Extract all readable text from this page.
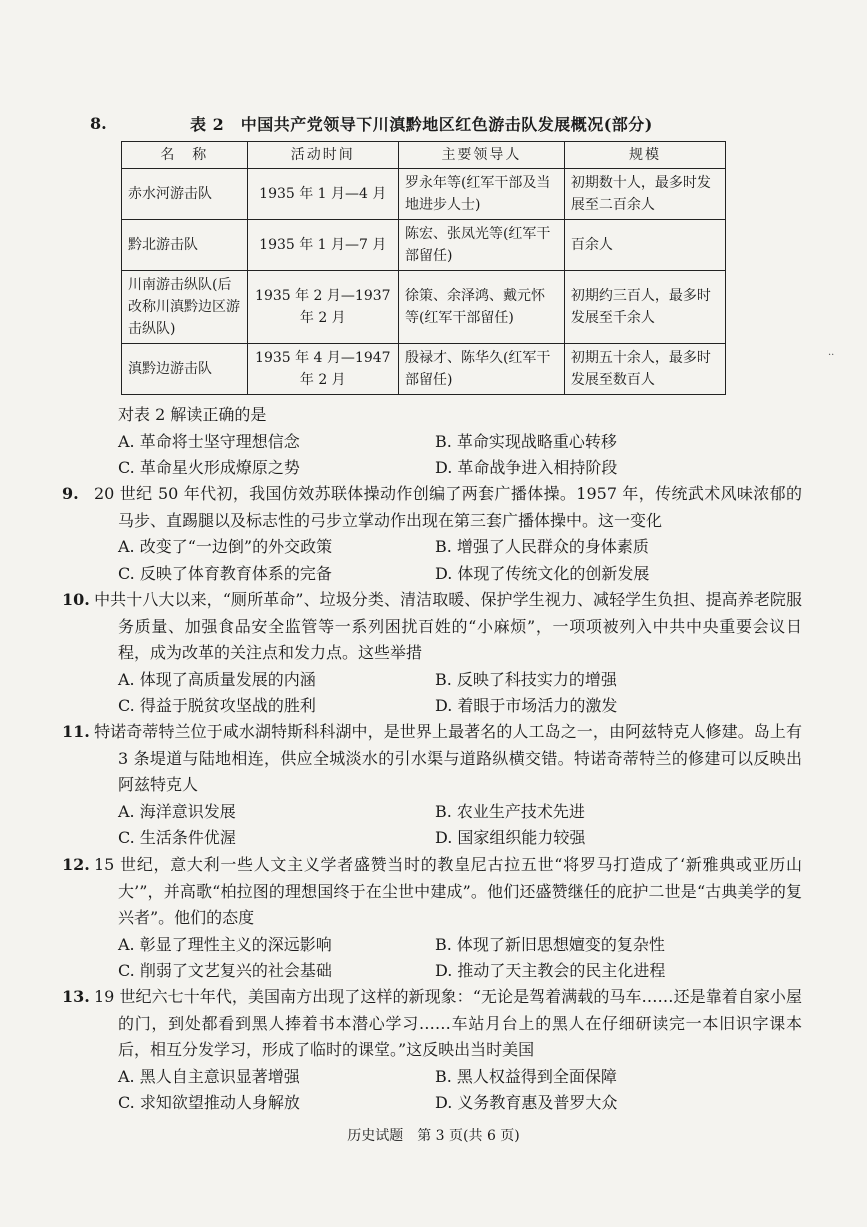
8.	表 2　中国共产党领导下川滇黔地区红色游击队发展概况(部分)
名　称	活动时间	主要领导人	规模
赤水河游击队	1935 年 1 月—4 月	罗永年等(红军干部及当地进步人士)	初期数十人，最多时发展至二百余人
黔北游击队	1935 年 1 月—7 月	陈宏、张凤光等(红军干部留任)	百余人
川南游击纵队(后改称川滇黔边区游击纵队)	1935 年 2 月—1937 年 2 月	徐策、余泽鸿、戴元怀等(红军干部留任)	初期约三百人，最多时发展至千余人
滇黔边游击队	1935 年 4 月—1947 年 2 月	殷禄才、陈华久(红军干部留任)	初期五十余人，最多时发展至数百人
对表 2 解读正确的是
A. 革命将士坚守理想信念	B. 革命实现战略重心转移
C. 革命星火形成燎原之势	D. 革命战争进入相持阶段
9. 20 世纪 50 年代初，我国仿效苏联体操动作创编了两套广播体操。1957 年，传统武术风味浓郁的马步、直踢腿以及标志性的弓步立掌动作出现在第三套广播体操中。这一变化
A. 改变了“一边倒”的外交政策	B. 增强了人民群众的身体素质
C. 反映了体育教育体系的完备	D. 体现了传统文化的创新发展
10. 中共十八大以来，“厕所革命”、垃圾分类、清洁取暖、保护学生视力、减轻学生负担、提高养老院服务质量、加强食品安全监管等一系列困扰百姓的“小麻烦”，一项项被列入中共中央重要会议日程，成为改革的关注点和发力点。这些举措
A. 体现了高质量发展的内涵	B. 反映了科技实力的增强
C. 得益于脱贫攻坚战的胜利	D. 着眼于市场活力的激发
11. 特诺奇蒂特兰位于咸水湖特斯科科湖中，是世界上最著名的人工岛之一，由阿兹特克人修建。岛上有 3 条堤道与陆地相连，供应全城淡水的引水渠与道路纵横交错。特诺奇蒂特兰的修建可以反映出阿兹特克人
A. 海洋意识发展	B. 农业生产技术先进
C. 生活条件优渥	D. 国家组织能力较强
12. 15 世纪，意大利一些人文主义学者盛赞当时的教皇尼古拉五世“将罗马打造成了‘新雅典或亚历山大’”，并高歌“柏拉图的理想国终于在尘世中建成”。他们还盛赞继任的庇护二世是“古典美学的复兴者”。他们的态度
A. 彰显了理性主义的深远影响	B. 体现了新旧思想嬗变的复杂性
C. 削弱了文艺复兴的社会基础	D. 推动了天主教会的民主化进程
13. 19 世纪六七十年代，美国南方出现了这样的新现象：“无论是驾着满载的马车……还是靠着自家小屋的门，到处都看到黑人捧着书本潜心学习……车站月台上的黑人在仔细研读完一本旧识字课本后，相互分发学习，形成了临时的课堂。”这反映出当时美国
A. 黑人自主意识显著增强	B. 黑人权益得到全面保障
C. 求知欲望推动人身解放	D. 义务教育惠及普罗大众
··
历史试题　第 3 页(共 6 页)
